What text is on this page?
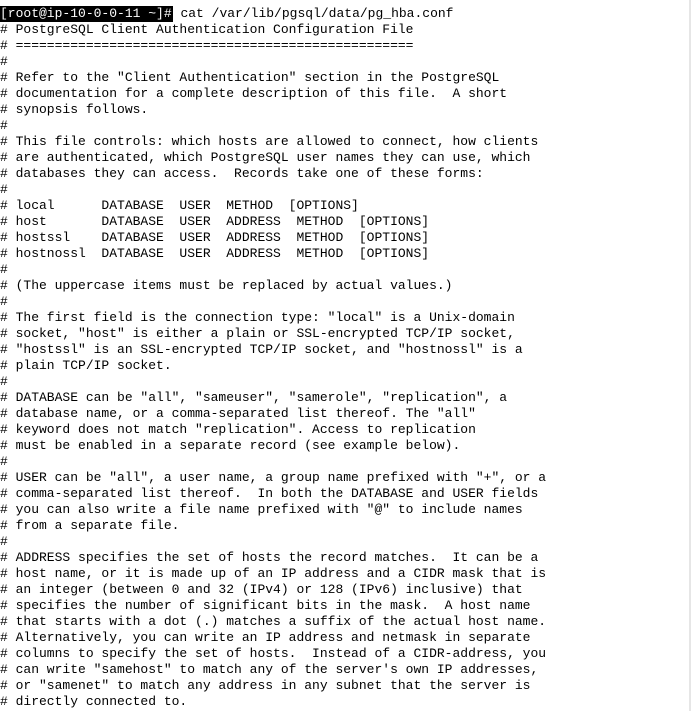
[root@ip-10-0-0-11 ~]# cat /var/lib/pgsql/data/pg_hba.conf
# PostgreSQL Client Authentication Configuration File
# ===================================================
#
# Refer to the "Client Authentication" section in the PostgreSQL
# documentation for a complete description of this file.  A short
# synopsis follows.
#
# This file controls: which hosts are allowed to connect, how clients
# are authenticated, which PostgreSQL user names they can use, which
# databases they can access.  Records take one of these forms:
#
# local      DATABASE  USER  METHOD  [OPTIONS]
# host       DATABASE  USER  ADDRESS  METHOD  [OPTIONS]
# hostssl    DATABASE  USER  ADDRESS  METHOD  [OPTIONS]
# hostnossl  DATABASE  USER  ADDRESS  METHOD  [OPTIONS]
#
# (The uppercase items must be replaced by actual values.)
#
# The first field is the connection type: "local" is a Unix-domain
# socket, "host" is either a plain or SSL-encrypted TCP/IP socket,
# "hostssl" is an SSL-encrypted TCP/IP socket, and "hostnossl" is a
# plain TCP/IP socket.
#
# DATABASE can be "all", "sameuser", "samerole", "replication", a
# database name, or a comma-separated list thereof. The "all"
# keyword does not match "replication". Access to replication
# must be enabled in a separate record (see example below).
#
# USER can be "all", a user name, a group name prefixed with "+", or a
# comma-separated list thereof.  In both the DATABASE and USER fields
# you can also write a file name prefixed with "@" to include names
# from a separate file.
#
# ADDRESS specifies the set of hosts the record matches.  It can be a
# host name, or it is made up of an IP address and a CIDR mask that is
# an integer (between 0 and 32 (IPv4) or 128 (IPv6) inclusive) that
# specifies the number of significant bits in the mask.  A host name
# that starts with a dot (.) matches a suffix of the actual host name.
# Alternatively, you can write an IP address and netmask in separate
# columns to specify the set of hosts.  Instead of a CIDR-address, you
# can write "samehost" to match any of the server's own IP addresses,
# or "samenet" to match any address in any subnet that the server is
# directly connected to.
